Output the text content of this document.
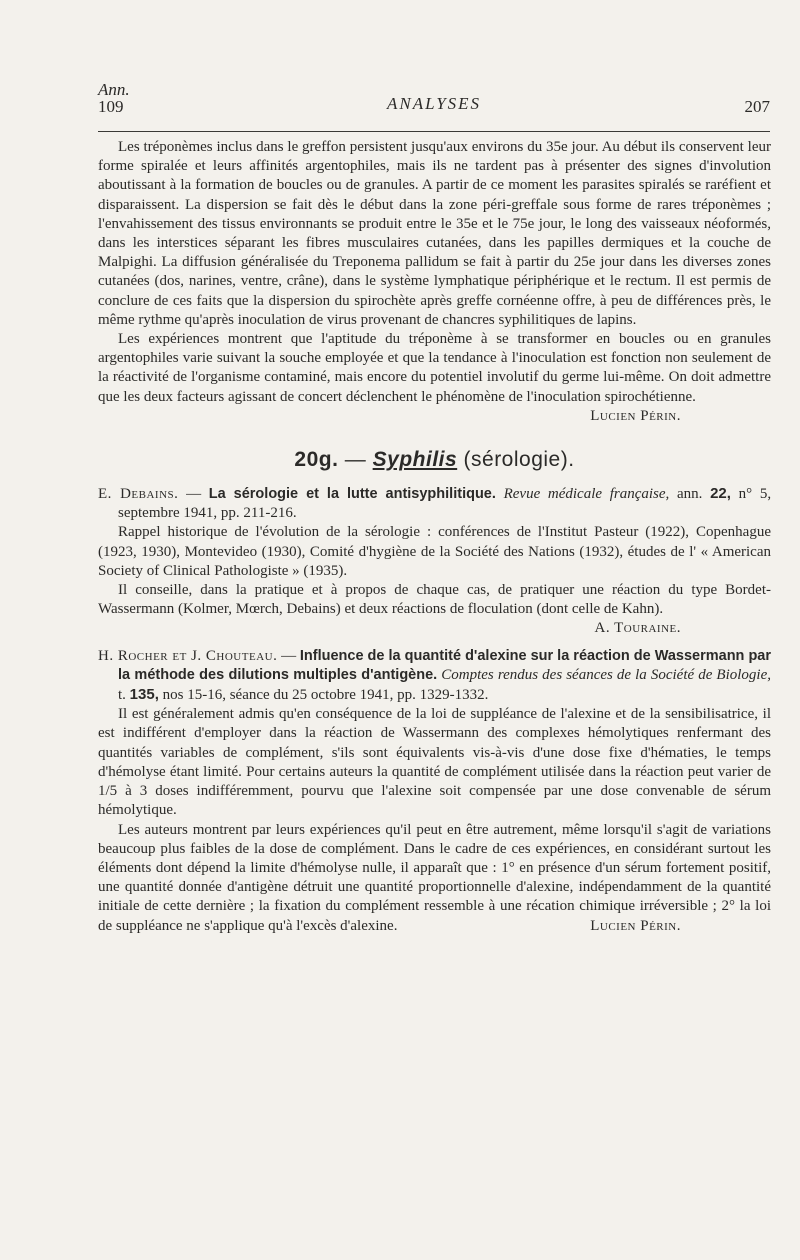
Ann.
109	ANALYSES	207

Les tréponèmes inclus dans le greffon persistent jusqu'aux environs du 35e jour. Au début ils conservent leur forme spiralée et leurs affinités argentophiles, mais ils ne tardent pas à présenter des signes d'involution aboutissant à la formation de boucles ou de granules. A partir de ce moment les parasites spiralés se raréfient et disparaissent. La dispersion se fait dès le début dans la zone péri-greffale sous forme de rares tréponèmes ; l'envahissement des tissus environnants se produit entre le 35e et le 75e jour, le long des vaisseaux néoformés, dans les interstices séparant les fibres musculaires cutanées, dans les papilles dermiques et la couche de Malpighi. La diffusion généralisée du Treponema pallidum se fait à partir du 25e jour dans les diverses zones cutanées (dos, narines, ventre, crâne), dans le système lymphatique périphérique et le rectum. Il est permis de conclure de ces faits que la dispersion du spirochète après greffe cornéenne offre, à peu de différences près, le même rythme qu'après inoculation de virus provenant de chancres syphilitiques de lapins.

Les expériences montrent que l'aptitude du tréponème à se transformer en boucles ou en granules argentophiles varie suivant la souche employée et que la tendance à l'inoculation est fonction non seulement de la réactivité de l'organisme contaminé, mais encore du potentiel involutif du germe lui-même. On doit admettre que les deux facteurs agissant de concert déclenchent le phénomène de l'inoculation spirochétienne.
Lucien Périn.

20g. — Syphilis (sérologie).

E. Debains. — La sérologie et la lutte antisyphilitique. Revue médicale française, ann. 22, n° 5, septembre 1941, pp. 211-216.

Rappel historique de l'évolution de la sérologie : conférences de l'Institut Pasteur (1922), Copenhague (1923, 1930), Montevideo (1930), Comité d'hygiène de la Société des Nations (1932), études de l' « American Society of Clinical Pathologiste » (1935).

Il conseille, dans la pratique et à propos de chaque cas, de pratiquer une réaction du type Bordet-Wassermann (Kolmer, Mœrch, Debains) et deux réactions de floculation (dont celle de Kahn).
A. Touraine.

H. Rocher et J. Chouteau. — Influence de la quantité d'alexine sur la réaction de Wassermann par la méthode des dilutions multiples d'antigène. Comptes rendus des séances de la Société de Biologie, t. 135, nos 15-16, séance du 25 octobre 1941, pp. 1329-1332.

Il est généralement admis qu'en conséquence de la loi de suppléance de l'alexine et de la sensibilisatrice, il est indifférent d'employer dans la réaction de Wassermann des complexes hémolytiques renfermant des quantités variables de complément, s'ils sont équivalents vis-à-vis d'une dose fixe d'hématies, le temps d'hémolyse étant limité. Pour certains auteurs la quantité de complément utilisée dans la réaction peut varier de 1/5 à 3 doses indifféremment, pourvu que l'alexine soit compensée par une dose convenable de sérum hémolytique.

Les auteurs montrent par leurs expériences qu'il peut en être autrement, même lorsqu'il s'agit de variations beaucoup plus faibles de la dose de complément. Dans le cadre de ces expériences, en considérant surtout les éléments dont dépend la limite d'hémolyse nulle, il apparaît que : 1° en présence d'un sérum fortement positif, une quantité donnée d'antigène détruit une quantité proportionnelle d'alexine, indépendamment de la quantité initiale de cette dernière ; la fixation du complément ressemble à une récation chimique irréversible ; 2° la loi de suppléance ne s'applique qu'à l'excès d'alexine.	Lucien Périn.
